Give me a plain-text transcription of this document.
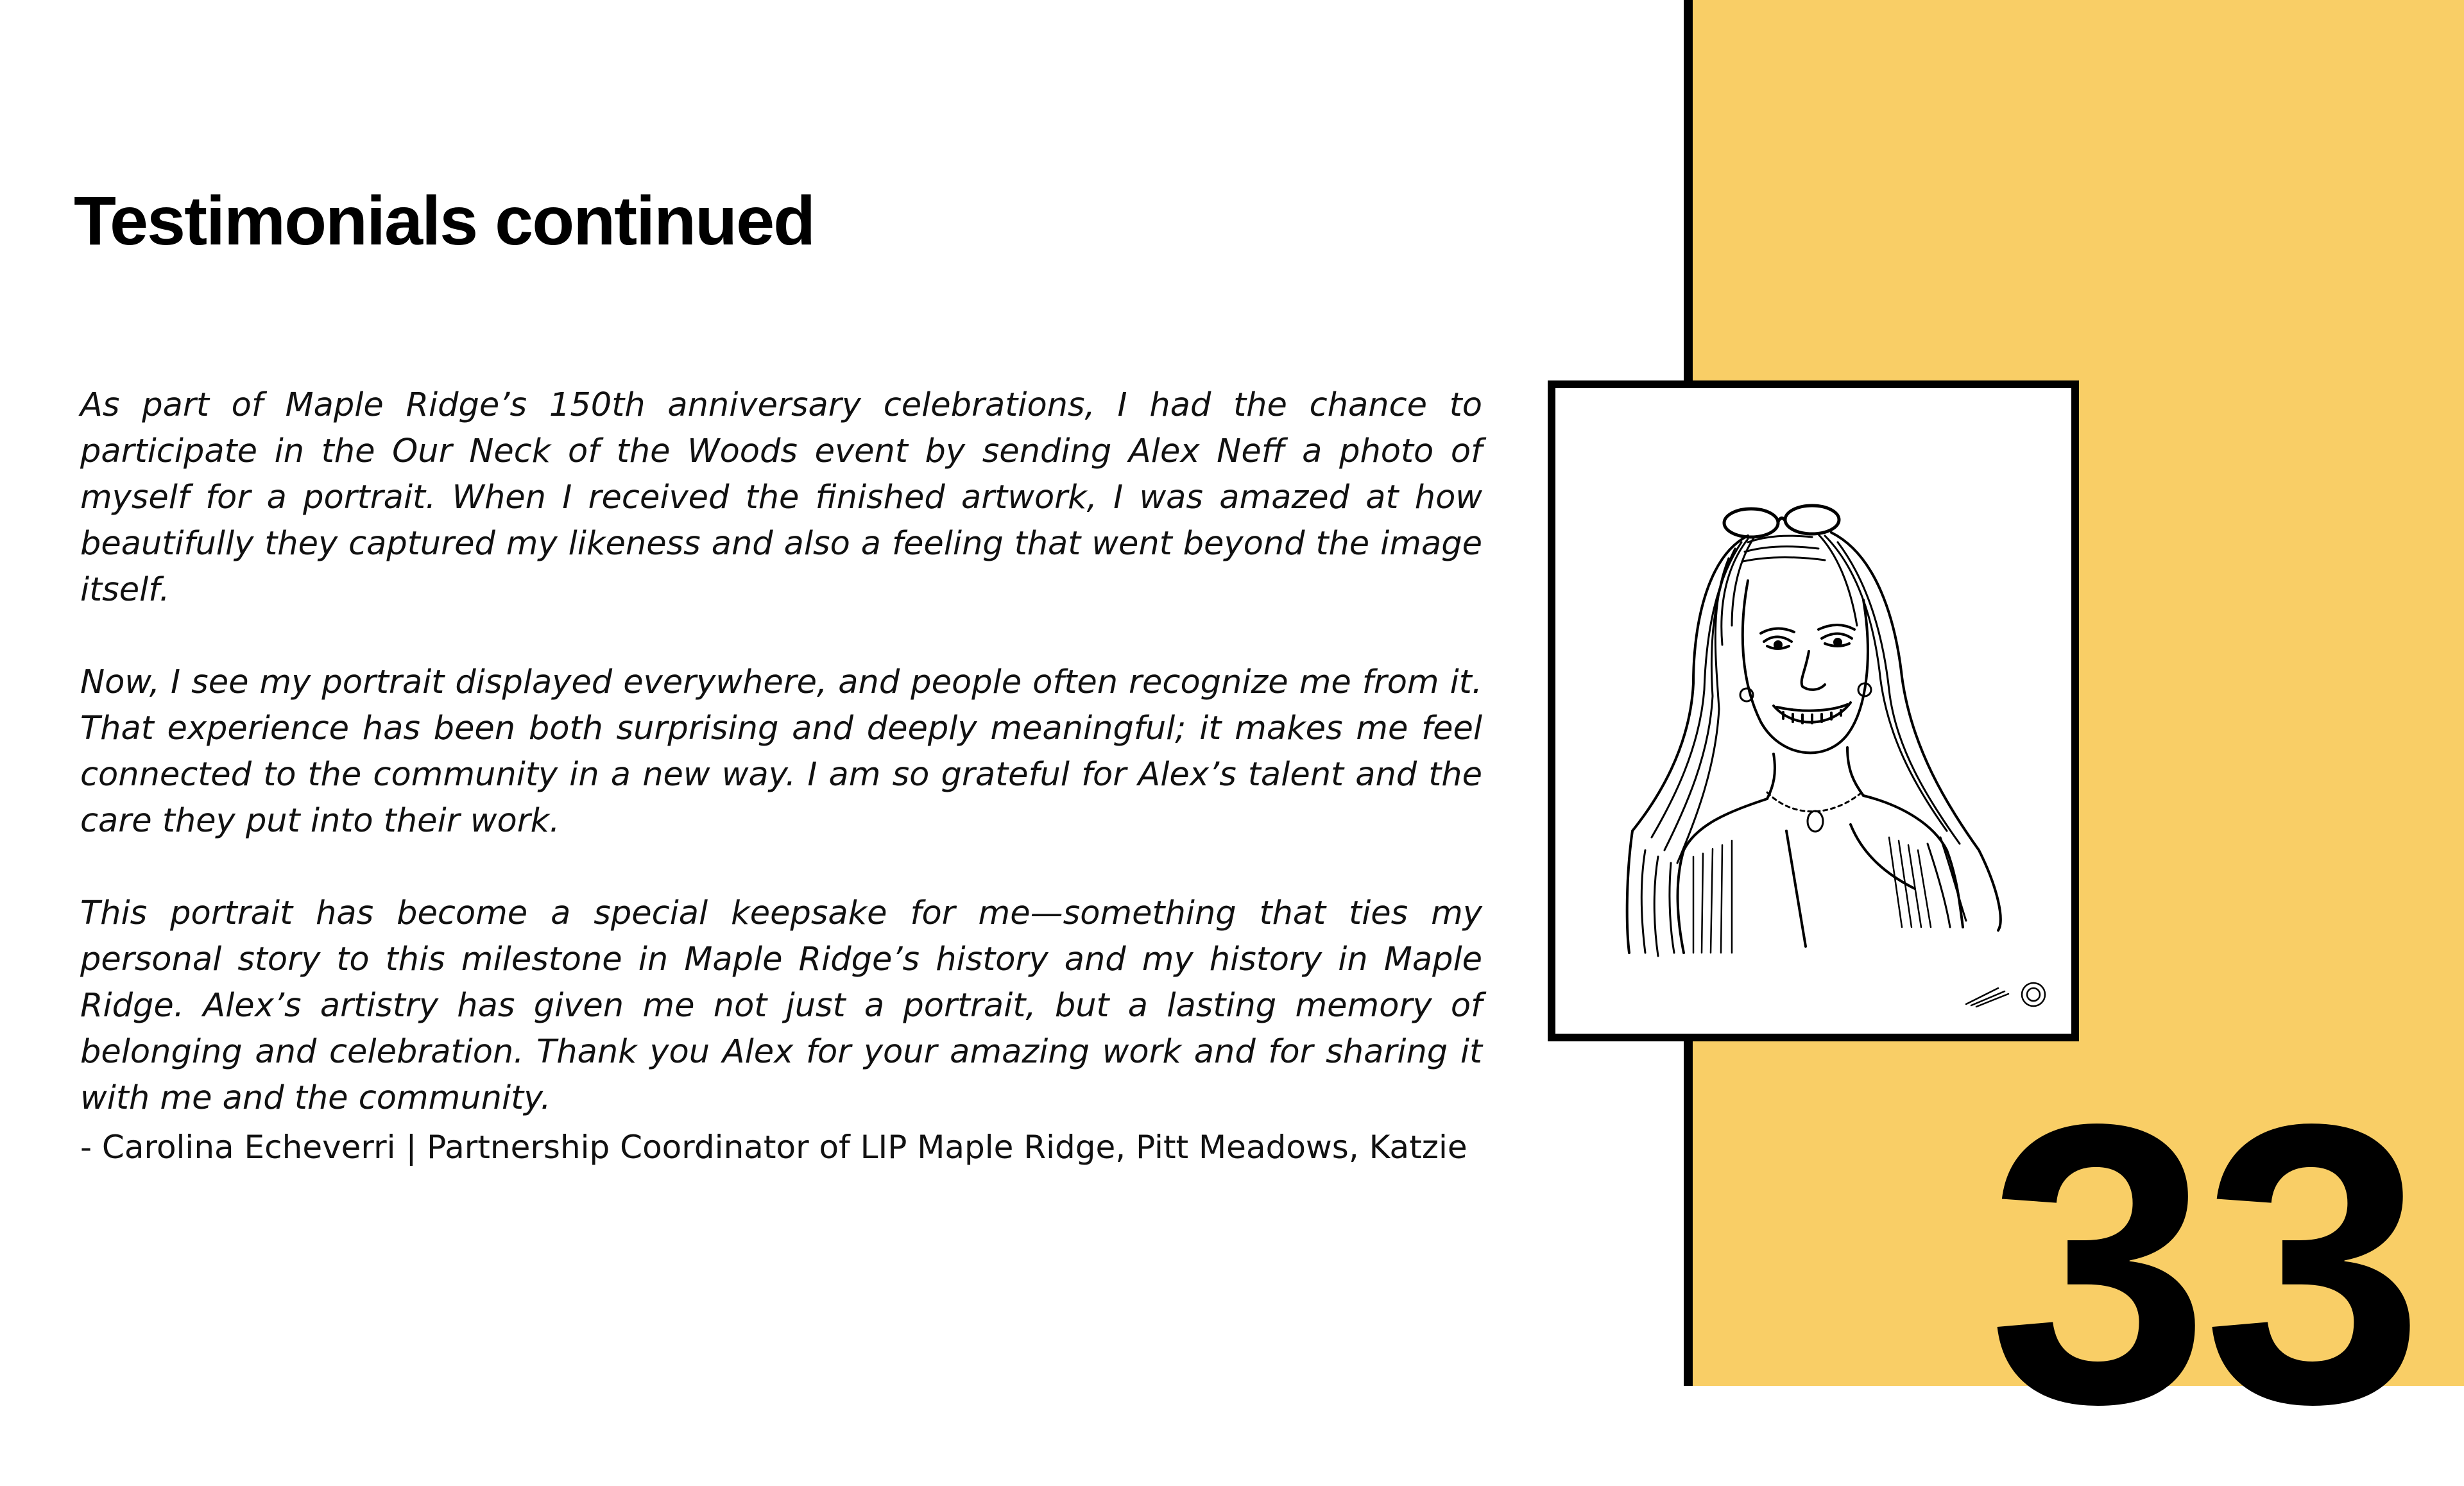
Testimonials continued

As part of Maple Ridge’s 150th anniversary celebrations, I had the chance to participate in the Our Neck of the Woods event by sending Alex Neff a photo of myself for a portrait. When I received the finished artwork, I was amazed at how beautifully they captured my likeness and also a feeling that went beyond the image itself.

Now, I see my portrait displayed everywhere, and people often recognize me from it. That experience has been both surprising and deeply meaningful; it makes me feel connected to the community in a new way. I am so grateful for Alex’s talent and the care they put into their work.

This portrait has become a special keepsake for me—something that ties my personal story to this milestone in Maple Ridge’s history and my history in Maple Ridge. Alex’s artistry has given me not just a portrait, but a lasting memory of belonging and celebration. Thank you Alex for your amazing work and for sharing it with me and the community.

- Carolina Echeverri | Partnership Coordinator of LIP Maple Ridge, Pitt Meadows, Katzie 33
